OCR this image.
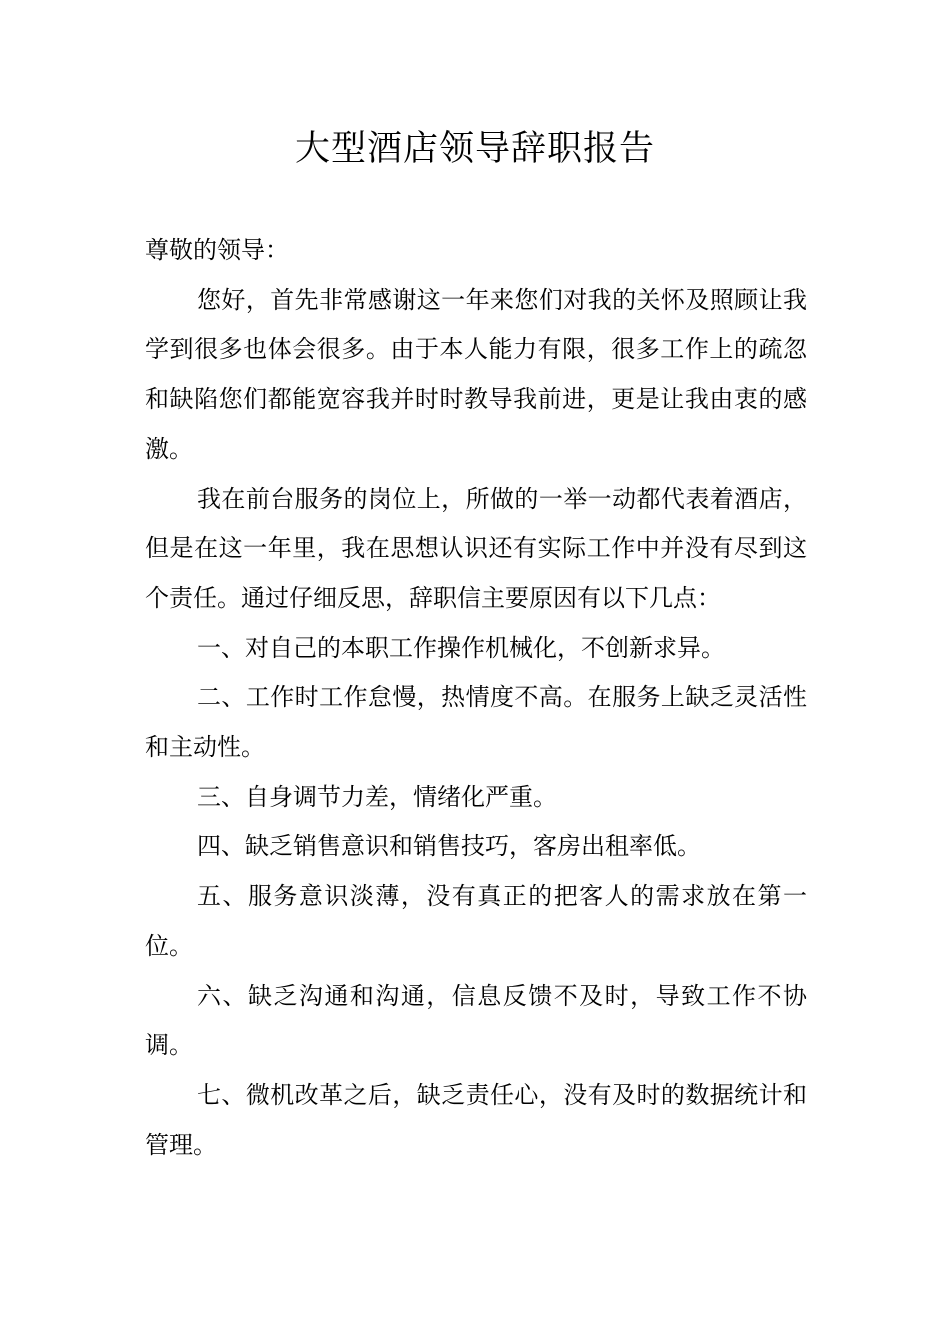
大型酒店领导辞职报告

尊敬的领导：

您好，首先非常感谢这一年来您们对我的关怀及照顾让我学到很多也体会很多。由于本人能力有限，很多工作上的疏忽和缺陷您们都能宽容我并时时教导我前进，更是让我由衷的感激。

我在前台服务的岗位上，所做的一举一动都代表着酒店，但是在这一年里，我在思想认识还有实际工作中并没有尽到这个责任。通过仔细反思，辞职信主要原因有以下几点：

一、对自己的本职工作操作机械化，不创新求异。

二、工作时工作怠慢，热情度不高。在服务上缺乏灵活性和主动性。

三、自身调节力差，情绪化严重。

四、缺乏销售意识和销售技巧，客房出租率低。

五、服务意识淡薄，没有真正的把客人的需求放在第一位。

六、缺乏沟通和沟通，信息反馈不及时，导致工作不协调。

七、微机改革之后，缺乏责任心，没有及时的数据统计和管理。
